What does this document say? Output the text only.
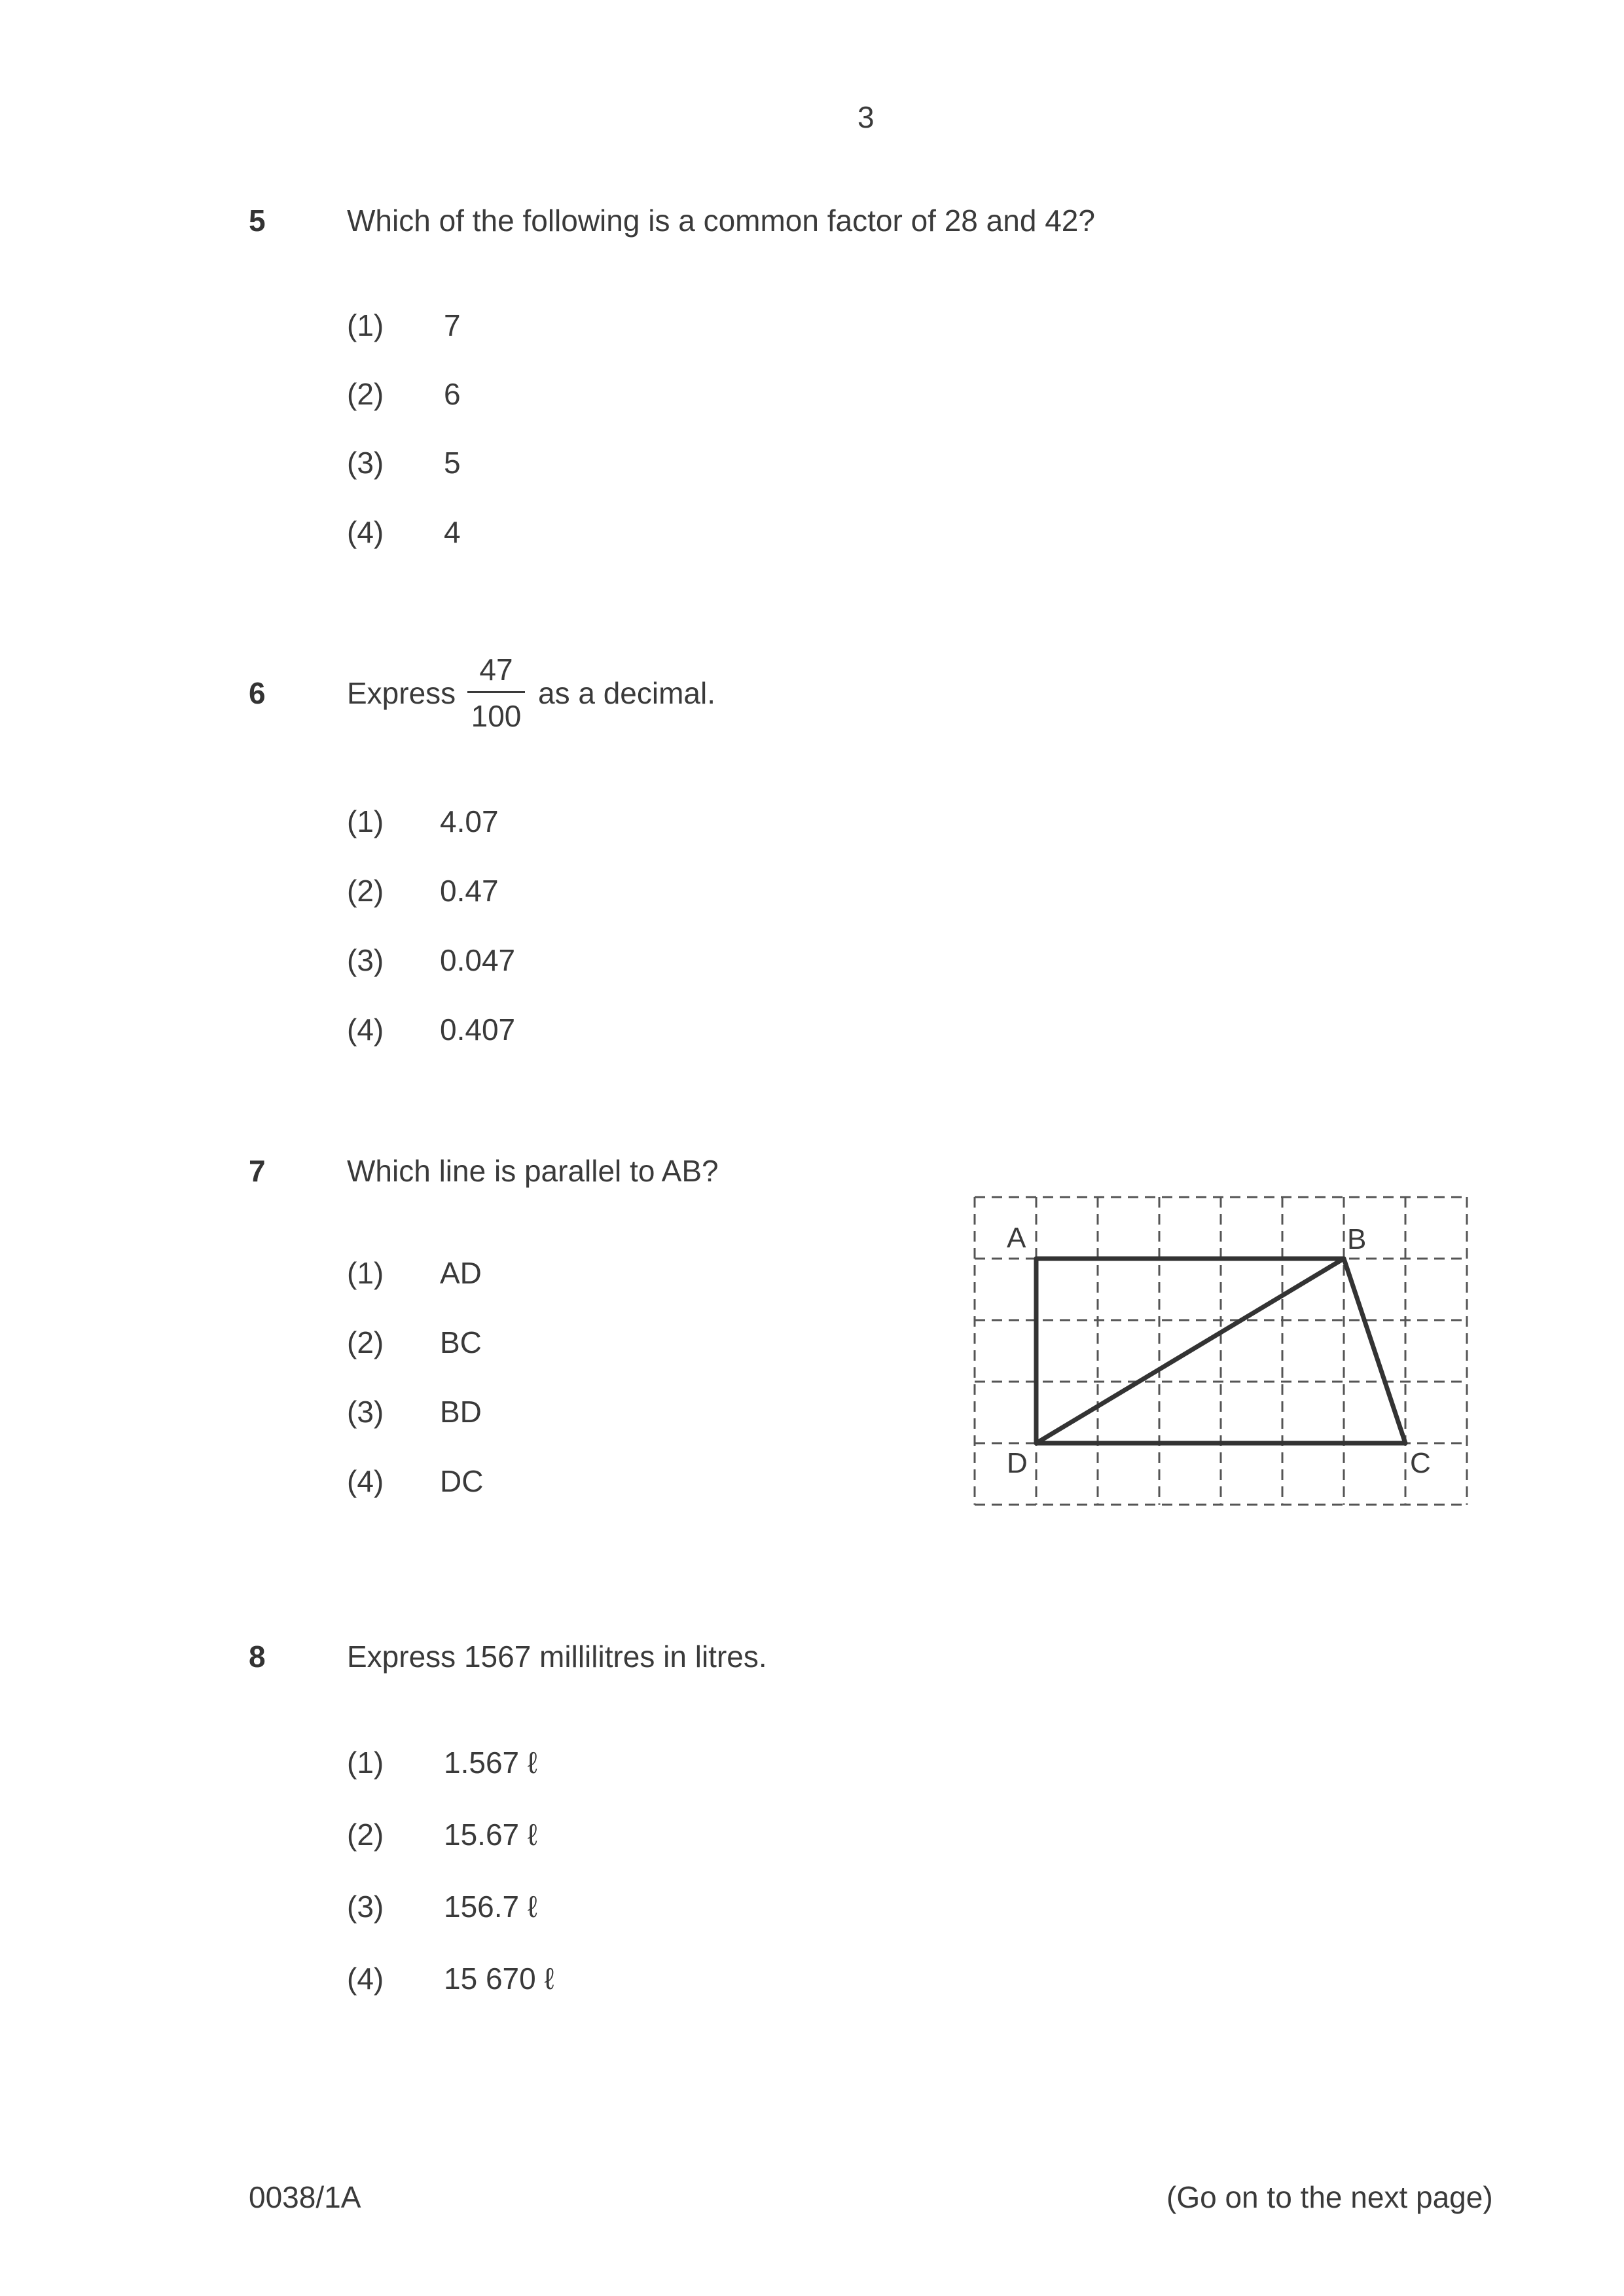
3
5	Which of the following is a common factor of 28 and 42?
(1) 7
(2) 6
(3) 5
(4) 4
6	Express
47
100
as a decimal.
(1) 4.07
(2) 0.47
(3) 0.047
(4) 0.407
7	Which line is parallel to AB?
(1) AD
(2) BC
(3) BD
(4) DC
A	B
C
D
8	Express 1567 millilitres in litres.
(1) 1.567 ℓ
(2) 15.67 ℓ
(3) 156.7 ℓ
(4) 15 670 ℓ
0038/1A	(Go on to the next page)
